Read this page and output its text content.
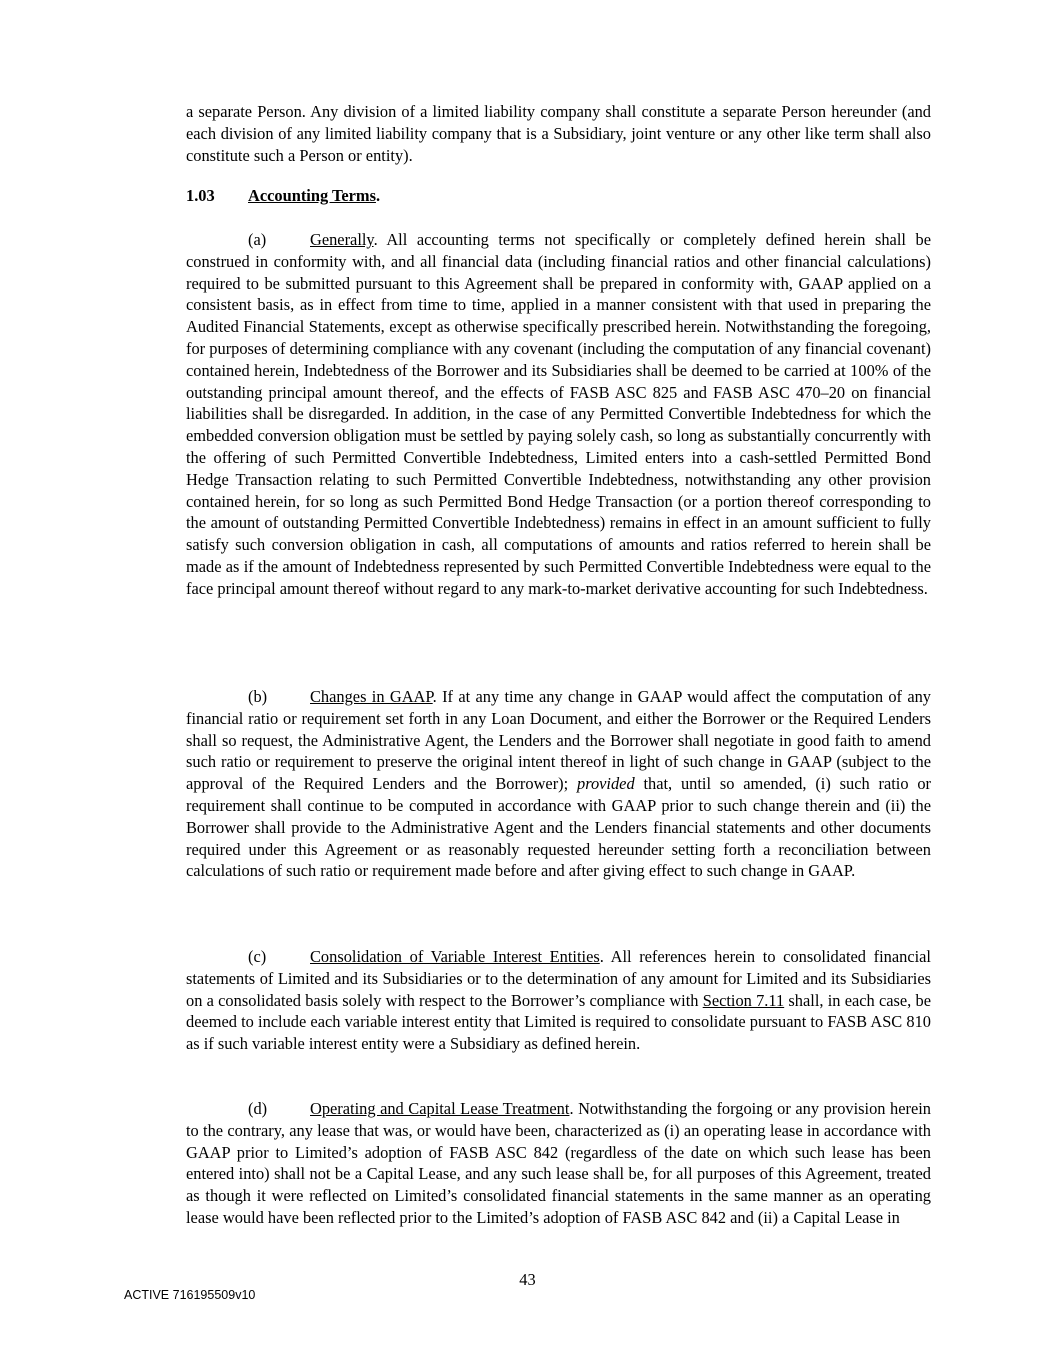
a separate Person. Any division of a limited liability company shall constitute a separate Person hereunder (and each division of any limited liability company that is a Subsidiary, joint venture or any other like term shall also constitute such a Person or entity).

1.03 Accounting Terms.

(a)	Generally. All accounting terms not specifically or completely defined herein shall be construed in conformity with, and all financial data (including financial ratios and other financial calculations) required to be submitted pursuant to this Agreement shall be prepared in conformity with, GAAP applied on a consistent basis, as in effect from time to time, applied in a manner consistent with that used in preparing the Audited Financial Statements, except as otherwise specifically prescribed herein. Notwithstanding the foregoing, for purposes of determining compliance with any covenant (including the computation of any financial covenant) contained herein, Indebtedness of the Borrower and its Subsidiaries shall be deemed to be carried at 100% of the outstanding principal amount thereof, and the effects of FASB ASC 825 and FASB ASC 470–20 on financial liabilities shall be disregarded. In addition, in the case of any Permitted Convertible Indebtedness for which the embedded conversion obligation must be settled by paying solely cash, so long as substantially concurrently with the offering of such Permitted Convertible Indebtedness, Limited enters into a cash-settled Permitted Bond Hedge Transaction relating to such Permitted Convertible Indebtedness, notwithstanding any other provision contained herein, for so long as such Permitted Bond Hedge Transaction (or a portion thereof corresponding to the amount of outstanding Permitted Convertible Indebtedness) remains in effect in an amount sufficient to fully satisfy such conversion obligation in cash, all computations of amounts and ratios referred to herein shall be made as if the amount of Indebtedness represented by such Permitted Convertible Indebtedness were equal to the face principal amount thereof without regard to any mark-to-market derivative accounting for such Indebtedness.

(b)	Changes in GAAP. If at any time any change in GAAP would affect the computation of any financial ratio or requirement set forth in any Loan Document, and either the Borrower or the Required Lenders shall so request, the Administrative Agent, the Lenders and the Borrower shall negotiate in good faith to amend such ratio or requirement to preserve the original intent thereof in light of such change in GAAP (subject to the approval of the Required Lenders and the Borrower); provided that, until so amended, (i) such ratio or requirement shall continue to be computed in accordance with GAAP prior to such change therein and (ii) the Borrower shall provide to the Administrative Agent and the Lenders financial statements and other documents required under this Agreement or as reasonably requested hereunder setting forth a reconciliation between calculations of such ratio or requirement made before and after giving effect to such change in GAAP.

(c)	Consolidation of Variable Interest Entities. All references herein to consolidated financial statements of Limited and its Subsidiaries or to the determination of any amount for Limited and its Subsidiaries on a consolidated basis solely with respect to the Borrower’s compliance with Section 7.11 shall, in each case, be deemed to include each variable interest entity that Limited is required to consolidate pursuant to FASB ASC 810 as if such variable interest entity were a Subsidiary as defined herein.

(d)	Operating and Capital Lease Treatment. Notwithstanding the forgoing or any provision herein to the contrary, any lease that was, or would have been, characterized as (i) an operating lease in accordance with GAAP prior to Limited’s adoption of FASB ASC 842 (regardless of the date on which such lease has been entered into) shall not be a Capital Lease, and any such lease shall be, for all purposes of this Agreement, treated as though it were reflected on Limited’s consolidated financial statements in the same manner as an operating lease would have been reflected prior to the Limited’s adoption of FASB ASC 842 and (ii) a Capital Lease in

43

ACTIVE 716195509v10
